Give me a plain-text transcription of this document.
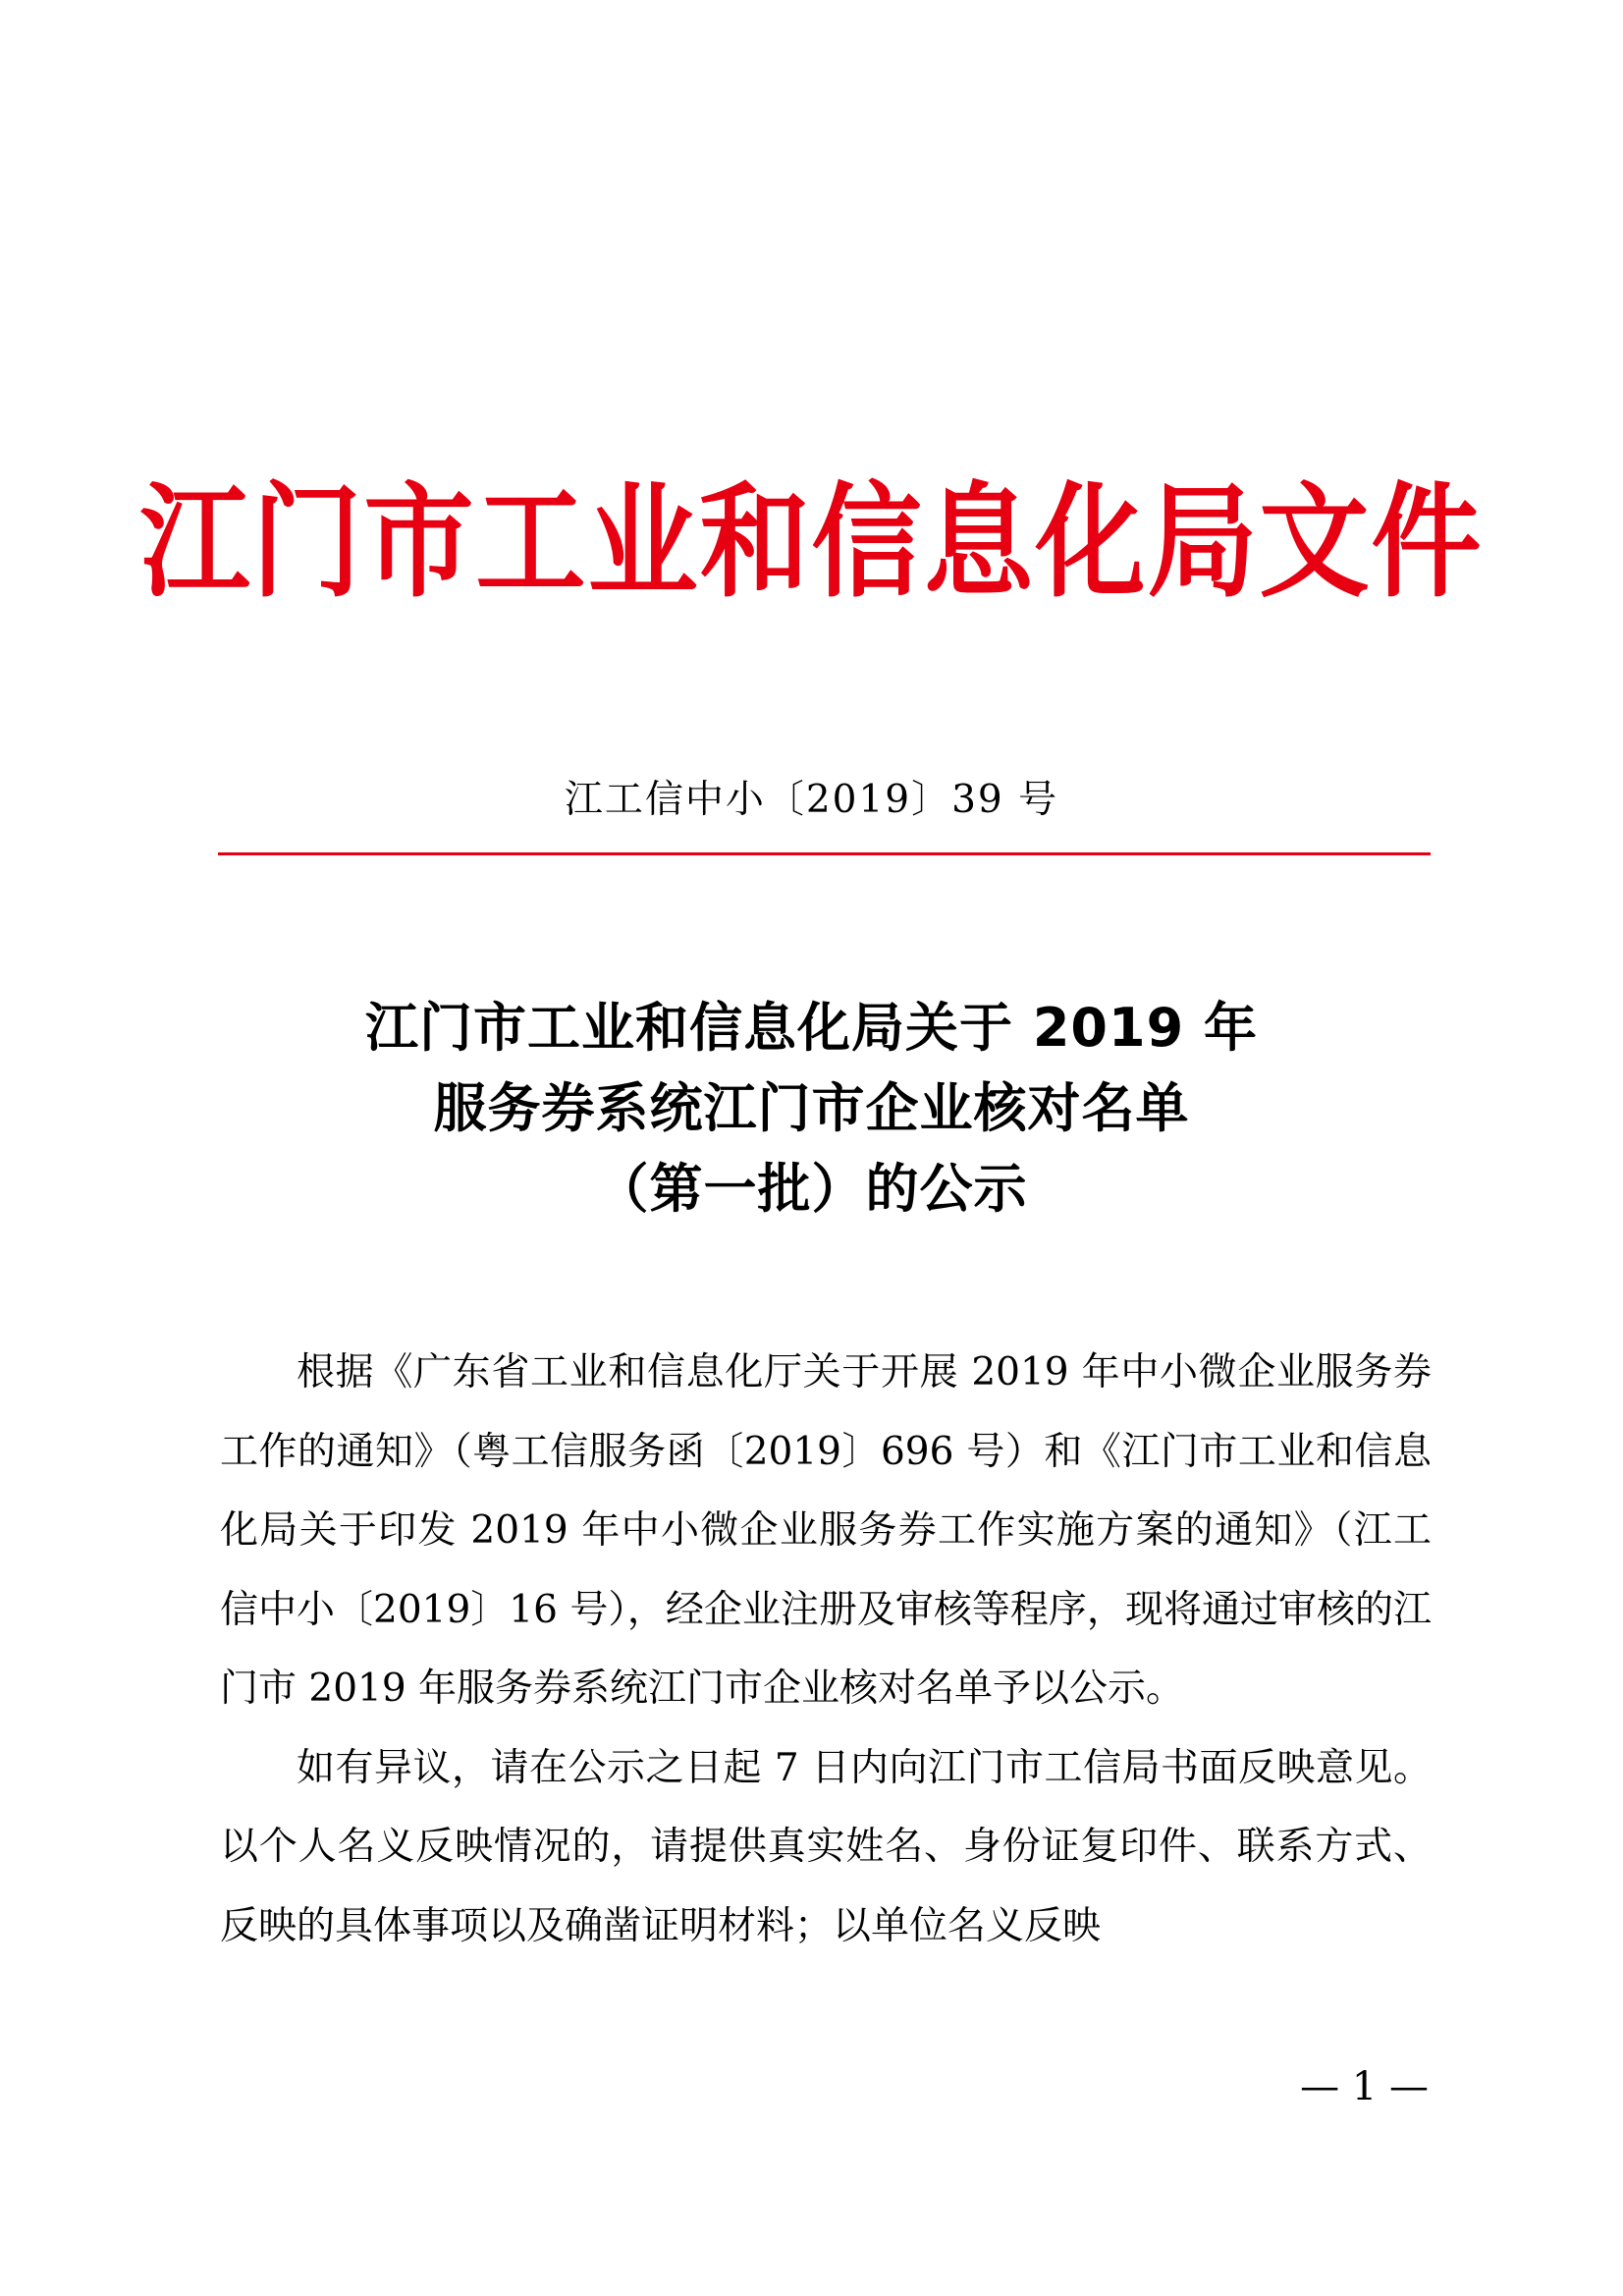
江门市工业和信息化局文件
江工信中小〔2019〕39 号
江门市工业和信息化局关于 2019 年
服务券系统江门市企业核对名单
（第一批）的公示

根据《广东省工业和信息化厅关于开展 2019 年中小微企业服务券工作的通知》（粤工信服务函〔2019〕696 号）和《江门市工业和信息化局关于印发 2019 年中小微企业服务券工作实施方案的通知》（江工信中小〔2019〕16 号），经企业注册及审核等程序，现将通过审核的江门市 2019 年服务券系统江门市企业核对名单予以公示。

如有异议，请在公示之日起 7 日内向江门市工信局书面反映意见。以个人名义反映情况的，请提供真实姓名、身份证复印件、联系方式、反映的具体事项以及确凿证明材料；以单位名义反映

— 1 —
